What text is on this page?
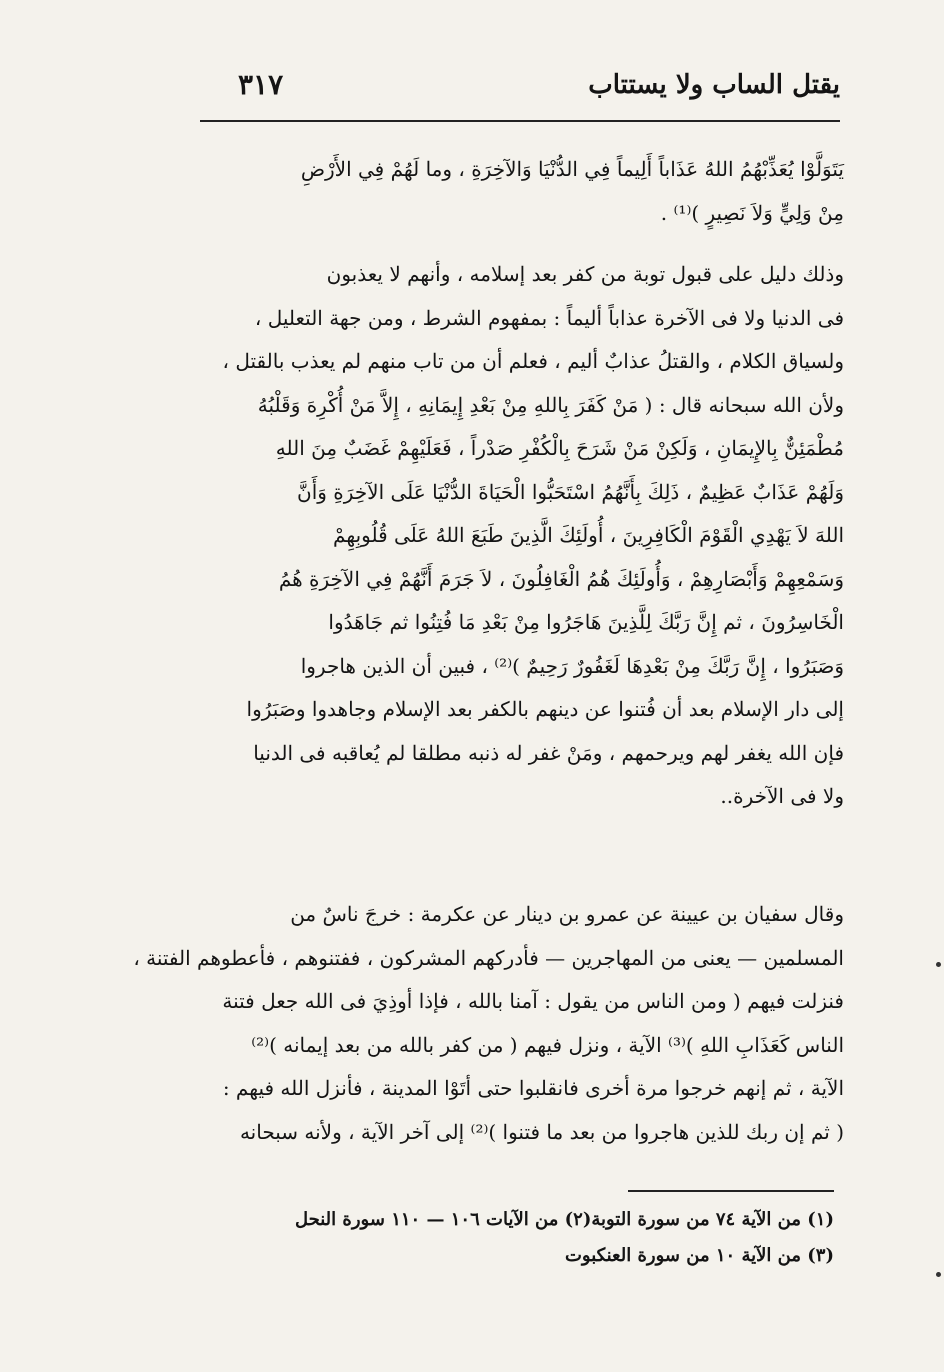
يقتل الساب ولا يستتاب
٣١٧

يَتَوَلَّوْا يُعَذِّبْهُمُ اللهُ عَذَاباً أَلِيماً فِي الدُّنْيَا وَالآخِرَةِ ، وما لَهُمْ فِي الأَرْضِ

مِنْ وَلِيٍّ وَلاَ نَصِيرٍ )⁽¹⁾ .

وذلك دليل على قبول توبة من كفر بعد إسلامه ، وأنهم لا يعذبون

فى الدنيا ولا فى الآخرة عذاباً أليماً : بمفهوم الشرط ، ومن جهة التعليل ،

ولسياق الكلام ، والقتلُ عذابٌ أليم ، فعلم أن من تاب منهم لم يعذب بالقتل ،

ولأن الله سبحانه قال : ( مَنْ كَفَرَ بِاللهِ مِنْ بَعْدِ إِيمَانِهِ ، إِلاَّ مَنْ أُكْرِهَ وَقَلْبُهُ

مُطْمَئِنٌّ بِالإِيمَانِ ، وَلَكِنْ مَنْ شَرَحَ بِالْكُفْرِ صَدْراً ، فَعَلَيْهِمْ غَضَبٌ مِنَ اللهِ

وَلَهُمْ عَذَابٌ عَظِيمٌ ، ذَلِكَ بِأَنَّهُمُ اسْتَحَبُّوا الْحَيَاةَ الدُّنْيَا عَلَى الآخِرَةِ وَأَنَّ

اللهَ لاَ يَهْدِي الْقَوْمَ الْكَافِرِينَ ، أُولَئِكَ الَّذِينَ طَبَعَ اللهُ عَلَى قُلُوبِهِمْ

وَسَمْعِهِمْ وَأَبْصَارِهِمْ ، وَأُولَئِكَ هُمُ الْغَافِلُونَ ، لاَ جَرَمَ أَنَّهُمْ فِي الآخِرَةِ هُمُ

الْخَاسِرُونَ ، ثم إِنَّ رَبَّكَ لِلَّذِينَ هَاجَرُوا مِنْ بَعْدِ مَا فُتِنُوا ثم جَاهَدُوا

وَصَبَرُوا ، إِنَّ رَبَّكَ مِنْ بَعْدِهَا لَغَفُورٌ رَحِيمٌ )⁽²⁾ ، فبين أن الذين هاجروا

إلى دار الإسلام بعد أن فُتنوا عن دينهم بالكفر بعد الإسلام وجاهدوا وصَبَرُوا

فإن الله يغفر لهم ويرحمهم ، ومَنْ غفر له ذنبه مطلقا لم يُعاقبه فى الدنيا

ولا فى الآخرة..

وقال سفيان بن عيينة عن عمرو بن دينار عن عكرمة : خرجَ ناسٌ من

المسلمين — يعنى من المهاجرين — فأدركهم المشركون ، ففتنوهم ، فأعطوهم الفتنة ،

فنزلت فيهم ( ومن الناس من يقول : آمنا بالله ، فإذا أوذِيَ فى الله جعل فتنة

الناس كَعَذَابِ اللهِ )⁽³⁾ الآية ، ونزل فيهم ( من كفر بالله من بعد إيمانه )⁽²⁾

الآية ، ثم إنهم خرجوا مرة أخرى فانقلبوا حتى أتَوْا المدينة ، فأنزل الله فيهم :

( ثم إن ربك للذين هاجروا من بعد ما فتنوا )⁽²⁾ إلى آخر الآية ، ولأنه سبحانه

(١) من الآية ٧٤ من سورة التوبة(٢) من الآيات ١٠٦ — ١١٠ سورة النحل

(٣) من الآية ١٠ من سورة العنكبوت
